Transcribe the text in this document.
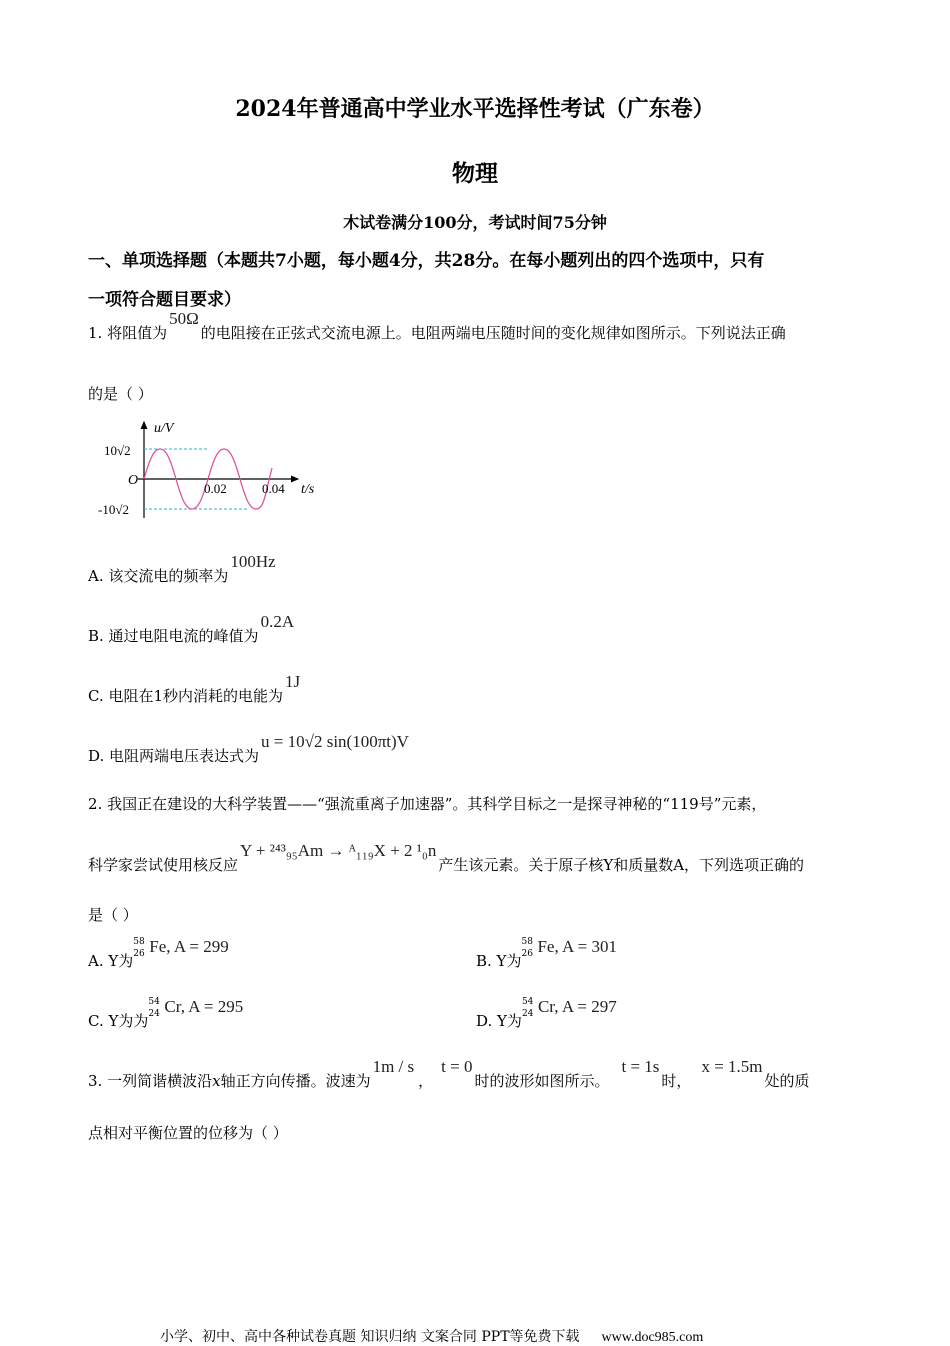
2024年普通高中学业水平选择性考试（广东卷）
物理
木试卷满分100分，考试时间75分钟
一、单项选择题（本题共7小题，每小题4分，共28分。在每小题列出的四个选项中，只有
一项符合题目要求）
1. 将阻值为50Ω的电阻接在正弦式交流电源上。电阻两端电压随时间的变化规律如图所示。下列说法正确
的是（ ）
u/V
t/s
O
10√2
-10√2
0.02	0.04
A. 该交流电的频率为100Hz
B. 通过电阻电流的峰值为0.2A
C. 电阻在1秒内消耗的电能为1J
D. 电阻两端电压表达式为u = 10√2 sin(100πt)V
2. 我国正在建设的大科学装置——“强流重离子加速器”。其科学目标之一是探寻神秘的“119号”元素，
科学家尝试使用核反应Y + ²⁴³₉₅Am → ᴬ₁₁₉X + 2 ¹₀n产生该元素。关于原子核Y和质量数A，下列选项正确的
是（ ）
A. Y为
58
26 Fe, A = 299
B. Y为
58
26 Fe, A = 301
C. Y为为
54
24 Cr, A = 295
D. Y为
54
24 Cr, A = 297
3. 一列简谐横波沿x轴正方向传播。波速为1m / s，t = 0时的波形如图所示。t = 1s时，x = 1.5m处的质
点相对平衡位置的位移为（ ）
小学、初中、高中各种试卷真题 知识归纳 文案合同 PPT等免费下载 www.doc985.com
